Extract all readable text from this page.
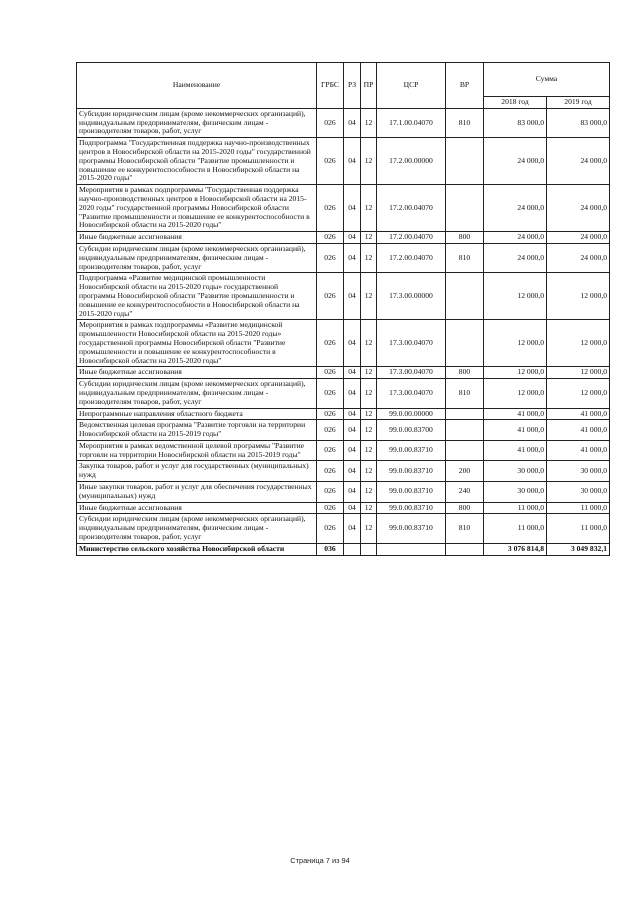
Наименование	ГРБС	РЗ	ПР	ЦСР	ВР	Сумма	
						2018 год	2019 год
Субсидии юридическим лицам (кроме некоммерческих организаций), индивидуальным предпринимателям, физическим лицам - производителям товаров, работ, услуг	026	04	12	17.1.00.04070	810	83 000,0	83 000,0
Подпрограмма "Государственная поддержка научно-производственных центров в Новосибирской области на 2015-2020 годы" государственной программы Новосибирской области "Развитие промышленности и повышение ее конкурентоспособности в Новосибирской области на 2015-2020 годы"	026	04	12	17.2.00.00000		24 000,0	24 000,0
Мероприятия в рамках подпрограммы "Государственная поддержка научно-производственных центров в Новосибирской области на 2015-2020 годы" государственной программы Новосибирской области "Развитие промышленности и повышение ее конкурентоспособности в Новосибирской области на 2015-2020 годы"	026	04	12	17.2.00.04070		24 000,0	24 000,0
Иные бюджетные ассигнования	026	04	12	17.2.00.04070	800	24 000,0	24 000,0
Субсидии юридическим лицам (кроме некоммерческих организаций), индивидуальным предпринимателям, физическим лицам - производителям товаров, работ, услуг	026	04	12	17.2.00.04070	810	24 000,0	24 000,0
Подпрограмма «Развитие медицинской промышленности Новосибирской области на 2015-2020 годы» государственной программы Новосибирской области "Развитие промышленности и повышение ее конкурентоспособности в Новосибирской области на 2015-2020 годы"	026	04	12	17.3.00.00000		12 000,0	12 000,0
Мероприятия в рамках подпрограммы «Развитие медицинской промышленности Новосибирской области на 2015-2020 годы» государственной программы Новосибирской области "Развитие промышленности и повышение ее конкурентоспособности в Новосибирской области на 2015-2020 годы"	026	04	12	17.3.00.04070		12 000,0	12 000,0
Иные бюджетные ассигнования	026	04	12	17.3.00.04070	800	12 000,0	12 000,0
Субсидии юридическим лицам (кроме некоммерческих организаций), индивидуальным предпринимателям, физическим лицам - производителям товаров, работ, услуг	026	04	12	17.3.00.04070	810	12 000,0	12 000,0
Непрограммные направления областного бюджета	026	04	12	99.0.00.00000		41 000,0	41 000,0
Ведомственная целевая программа "Развитие торговли на территории Новосибирской области на 2015-2019 годы"	026	04	12	99.0.00.83700		41 000,0	41 000,0
Мероприятия в рамках ведомственной целевой программы "Развитие торговли на территории Новосибирской области на 2015-2019 годы"	026	04	12	99.0.00.83710		41 000,0	41 000,0
Закупка товаров, работ и услуг для государственных (муниципальных) нужд	026	04	12	99.0.00.83710	200	30 000,0	30 000,0
Иные закупки товаров, работ и услуг для обеспечения государственных (муниципальных) нужд	026	04	12	99.0.00.83710	240	30 000,0	30 000,0
Иные бюджетные ассигнования	026	04	12	99.0.00.83710	800	11 000,0	11 000,0
Субсидии юридическим лицам (кроме некоммерческих организаций), индивидуальным предпринимателям, физическим лицам - производителям товаров, работ, услуг	026	04	12	99.0.00.83710	810	11 000,0	11 000,0
Министерство сельского хозяйства Новосибирской области	036					3 076 814,8	3 049 832,1
Страница 7 из 94
